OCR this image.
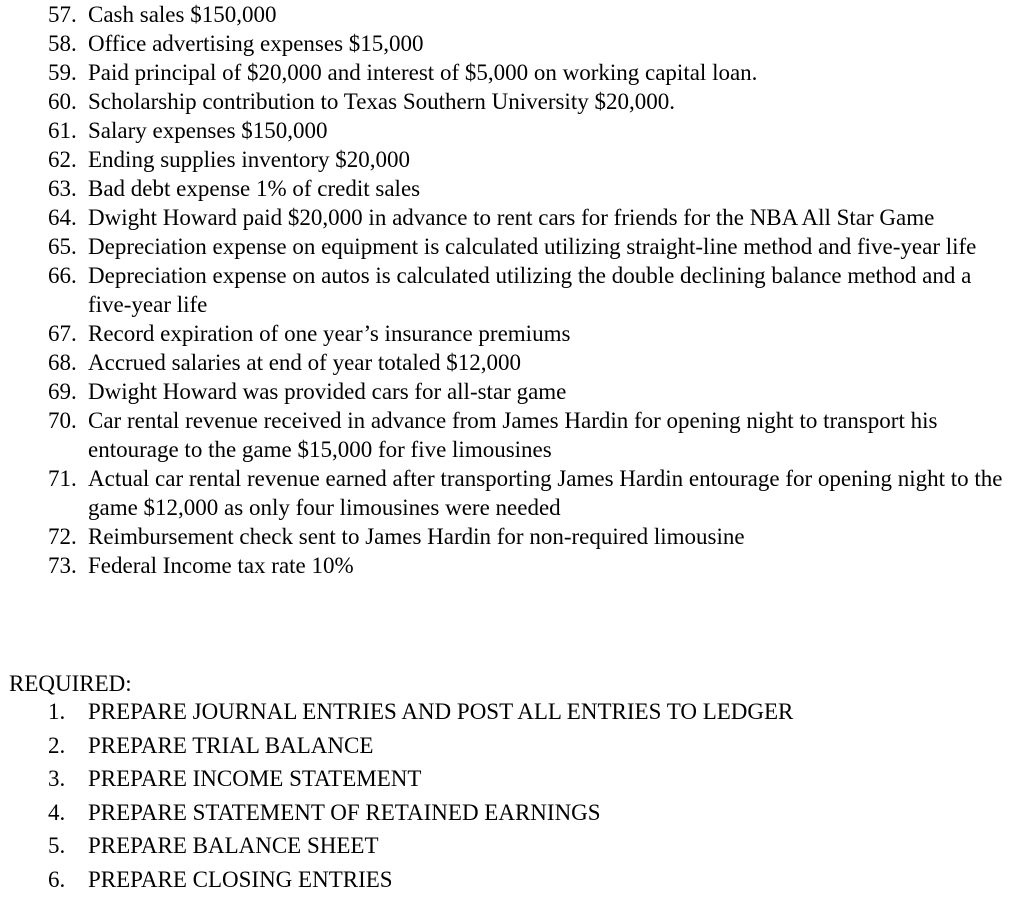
57. Cash sales $150,000
58. Office advertising expenses $15,000
59. Paid principal of $20,000 and interest of $5,000 on working capital loan.
60. Scholarship contribution to Texas Southern University $20,000.
61. Salary expenses $150,000
62. Ending supplies inventory $20,000
63. Bad debt expense 1% of credit sales
64. Dwight Howard paid $20,000 in advance to rent cars for friends for the NBA All Star Game
65. Depreciation expense on equipment is calculated utilizing straight-line method and five-year life
66. Depreciation expense on autos is calculated utilizing the double declining balance method and a five-year life
67. Record expiration of one year’s insurance premiums
68. Accrued salaries at end of year totaled $12,000
69. Dwight Howard was provided cars for all-star game
70. Car rental revenue received in advance from James Hardin for opening night to transport his entourage to the game $15,000 for five limousines
71. Actual car rental revenue earned after transporting James Hardin entourage for opening night to the game $12,000 as only four limousines were needed
72. Reimbursement check sent to James Hardin for non-required limousine
73. Federal Income tax rate 10%
REQUIRED:
1. PREPARE JOURNAL ENTRIES AND POST ALL ENTRIES TO LEDGER
2. PREPARE TRIAL BALANCE
3. PREPARE INCOME STATEMENT
4. PREPARE STATEMENT OF RETAINED EARNINGS
5. PREPARE BALANCE SHEET
6. PREPARE CLOSING ENTRIES
